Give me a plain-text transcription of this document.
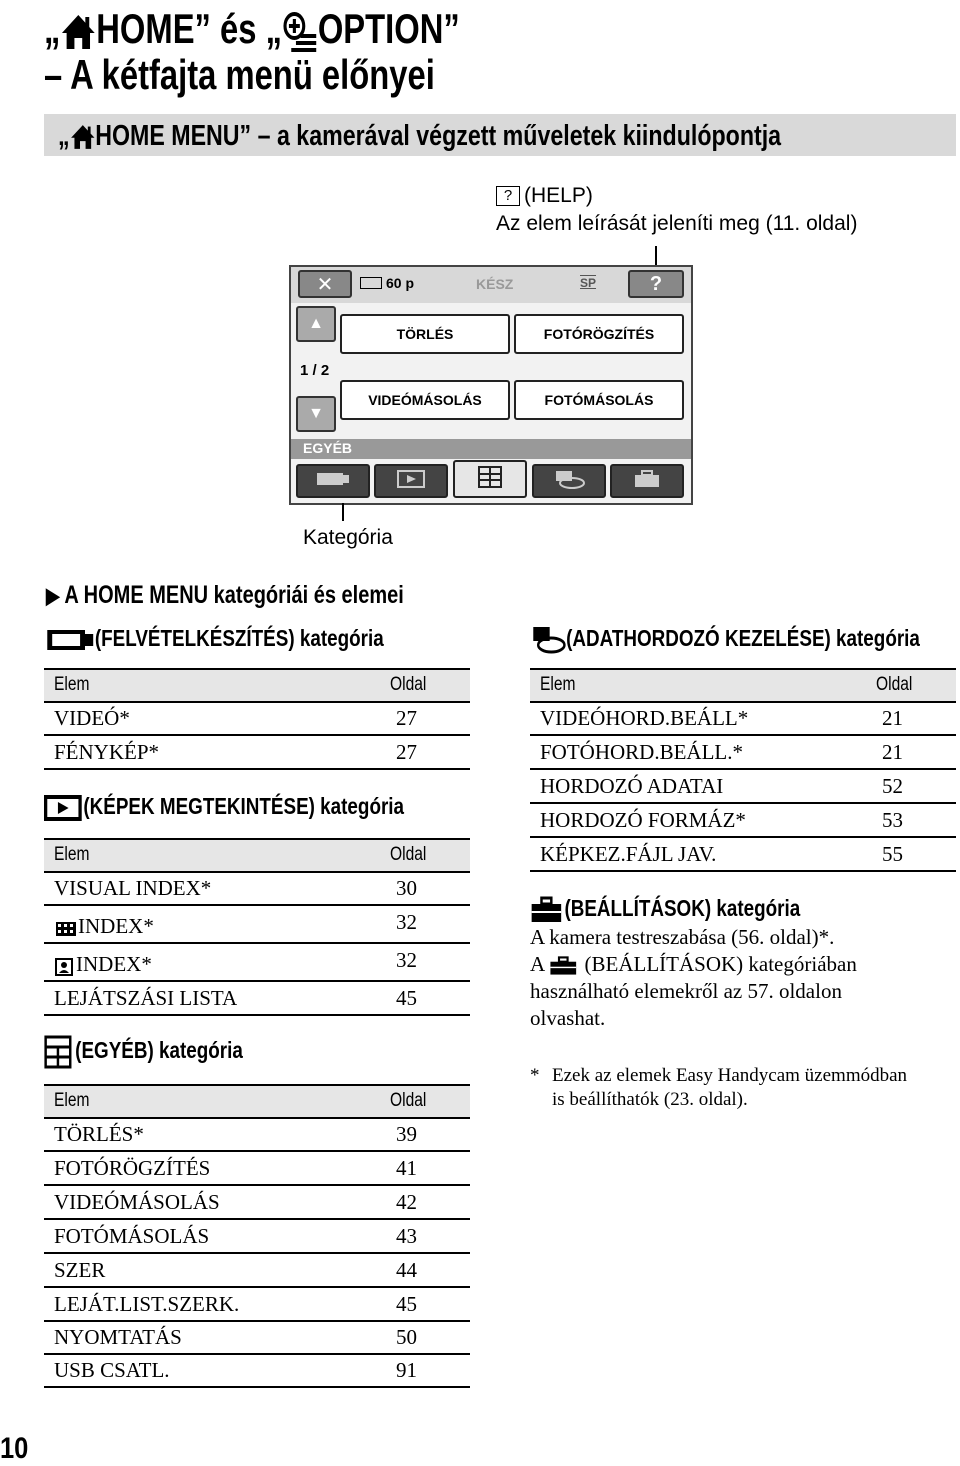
„ HOME” és „ OPTION”
– A kétfajta menü előnyei
„ HOME MENU” – a kamerával végzett műveletek kiindulópontja
? (HELP)
Az elem leírását jeleníti meg (11. oldal)
✕	60 p	KÉSZ	SP	?
▲
1 / 2
▼
TÖRLÉS	FOTÓRÖGZÍTÉS
VIDEÓMÁSOLÁS	FOTÓMÁSOLÁS
EGYÉB
Kategória
▶ A HOME MENU kategóriái és elemei
(FELVÉTELKÉSZÍTÉS) kategória
Elem	Oldal
VIDEÓ*	27
FÉNYKÉP*	27
(KÉPEK MEGTEKINTÉSE) kategória
Elem	Oldal
VISUAL INDEX*	30
INDEX*	32
INDEX*	32
LEJÁTSZÁSI LISTA	45
(EGYÉB) kategória
Elem	Oldal
TÖRLÉS*	39
FOTÓRÖGZÍTÉS	41
VIDEÓMÁSOLÁS	42
FOTÓMÁSOLÁS	43
SZER	44
LEJÁT.LIST.SZERK.	45
NYOMTATÁS	50
USB CSATL.	91
(ADATHORDOZÓ KEZELÉSE) kategória
Elem	Oldal
VIDEÓHORD.BEÁLL*	21
FOTÓHORD.BEÁLL.*	21
HORDOZÓ ADATAI	52
HORDOZÓ FORMÁZ*	53
KÉPKEZ.FÁJL JAV.	55
(BEÁLLÍTÁSOK) kategória
A kamera testreszabása (56. oldal)*.
A (BEÁLLÍTÁSOK) kategóriában
használható elemekről az 57. oldalon
olvashat.
* Ezek az elemek Easy Handycam üzemmódban
is beállíthatók (23. oldal).
10
